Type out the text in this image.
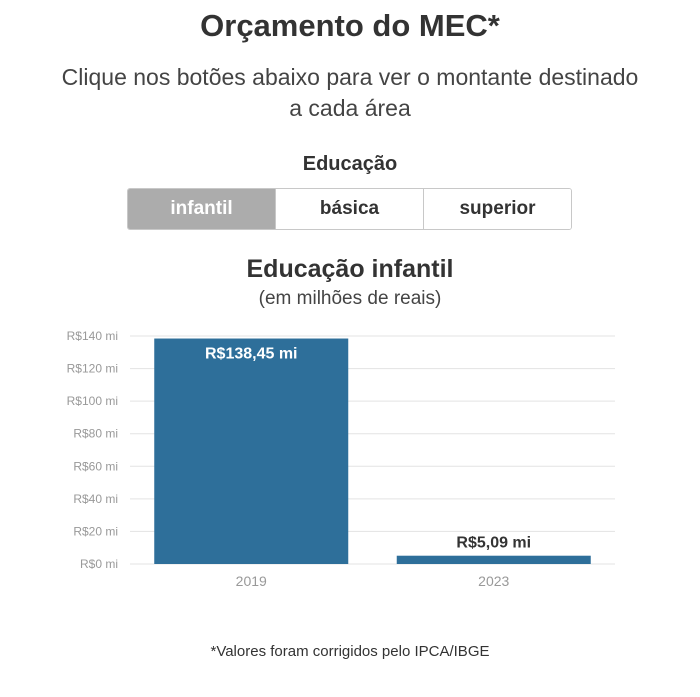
Orçamento do MEC*
Clique nos botões abaixo para ver o montante destinado a cada área
Educação
infantil	básica	superior
Educação infantil
(em milhões de reais)
R$0 mi
R$20 mi
R$40 mi
R$60 mi
R$80 mi
R$100 mi
R$120 mi
R$140 mi
R$138,45 mi
2019
R$5,09 mi
2023
*Valores foram corrigidos pelo IPCA/IBGE
